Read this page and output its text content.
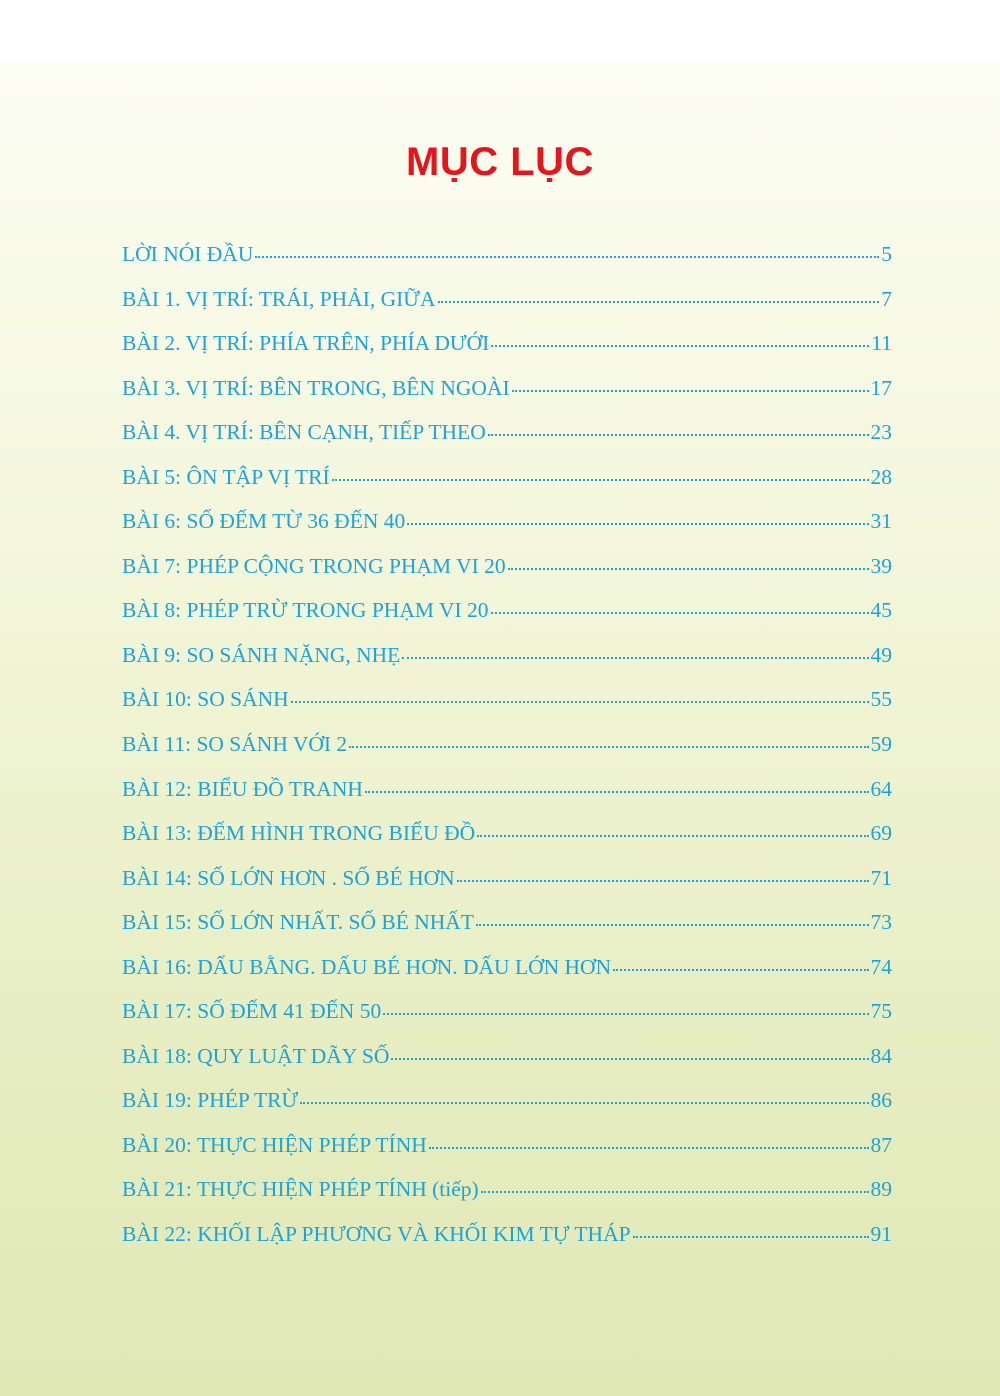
MỤC LỤC
LỜI NÓI ĐẦU	5
BÀI 1. VỊ TRÍ: TRÁI, PHẢI, GIỮA	7
BÀI 2. VỊ TRÍ: PHÍA TRÊN, PHÍA DƯỚI	11
BÀI 3. VỊ TRÍ: BÊN TRONG, BÊN NGOÀI	17
BÀI 4. VỊ TRÍ: BÊN CẠNH, TIẾP THEO	23
BÀI 5: ÔN TẬP VỊ TRÍ	28
BÀI 6: SỐ ĐẾM TỪ 36 ĐẾN 40	31
BÀI 7: PHÉP CỘNG TRONG PHẠM VI 20	39
BÀI 8: PHÉP TRỪ TRONG PHẠM VI 20	45
BÀI 9: SO SÁNH NẶNG, NHẸ	49
BÀI 10: SO SÁNH	55
BÀI 11: SO SÁNH VỚI 2	59
BÀI 12: BIỂU ĐỒ TRANH	64
BÀI 13: ĐẾM HÌNH TRONG BIỂU ĐỒ	69
BÀI 14: SỐ LỚN HƠN . SỐ BÉ HƠN	71
BÀI 15: SỐ LỚN NHẤT. SỐ BÉ NHẤT	73
BÀI 16: DẤU BẰNG. DẤU BÉ HƠN. DẤU LỚN HƠN	74
BÀI 17: SỐ ĐẾM 41 ĐẾN 50	75
BÀI 18: QUY LUẬT DÃY SỐ	84
BÀI 19: PHÉP TRỪ	86
BÀI 20: THỰC HIỆN PHÉP TÍNH	87
BÀI 21: THỰC HIỆN PHÉP TÍNH (tiếp)	89
BÀI 22: KHỐI LẬP PHƯƠNG VÀ KHỐI KIM TỰ THÁP	91
